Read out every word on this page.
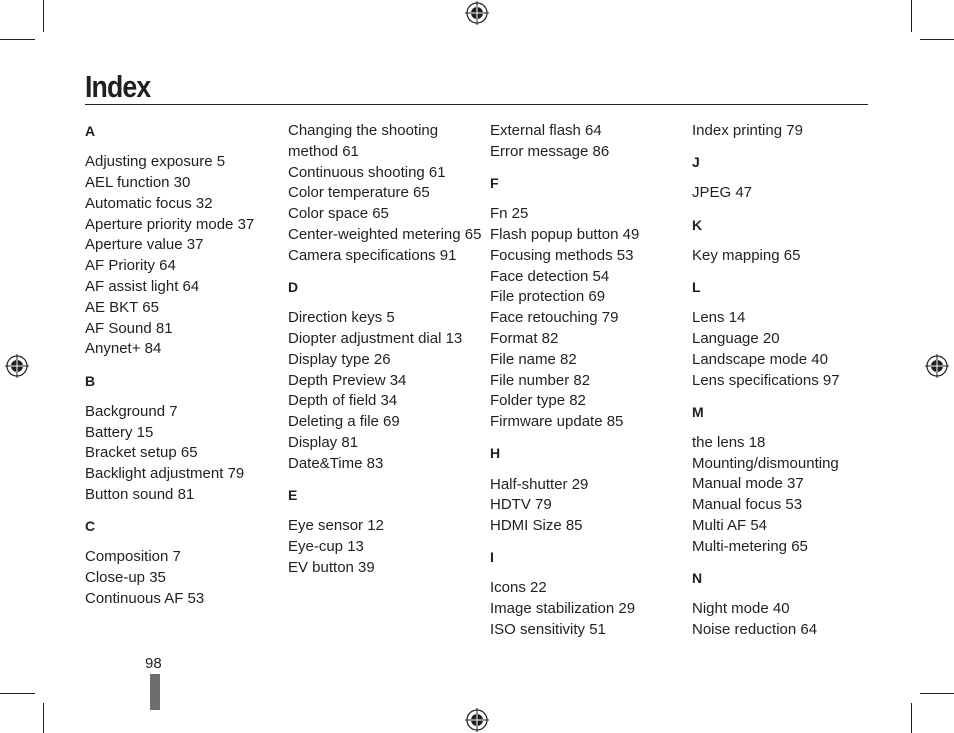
Index
A
Adjusting exposure 5
AEL function 30
Automatic focus 32
Aperture priority mode 37
Aperture value 37
AF Priority 64
AF assist light 64
AE BKT 65
AF Sound 81
Anynet+ 84
B
Background 7
Battery 15
Bracket setup 65
Backlight adjustment 79
Button sound 81
C
Composition 7
Close-up 35
Continuous AF 53
Changing the shooting method 61
Continuous shooting 61
Color temperature 65
Color space 65
Center-weighted metering 65
Camera specifications 91
D
Direction keys 5
Diopter adjustment dial 13
Display type 26
Depth Preview 34
Depth of field 34
Deleting a file 69
Display 81
Date&Time 83
E
Eye sensor 12
Eye-cup 13
EV button 39
External flash 64
Error message 86
F
Fn 25
Flash popup button 49
Focusing methods 53
Face detection 54
File protection 69
Face retouching 79
Format 82
File name 82
File number 82
Folder type 82
Firmware update 85
H
Half-shutter 29
HDTV 79
HDMI Size 85
I
Icons 22
Image stabilization 29
ISO sensitivity 51
Index printing 79
J
JPEG 47
K
Key mapping 65
L
Lens 14
Language 20
Landscape mode 40
Lens specifications 97
M
the lens 18
Mounting/dismounting
Manual mode 37
Manual focus 53
Multi AF 54
Multi-metering 65
N
Night mode 40
Noise reduction 64
98
